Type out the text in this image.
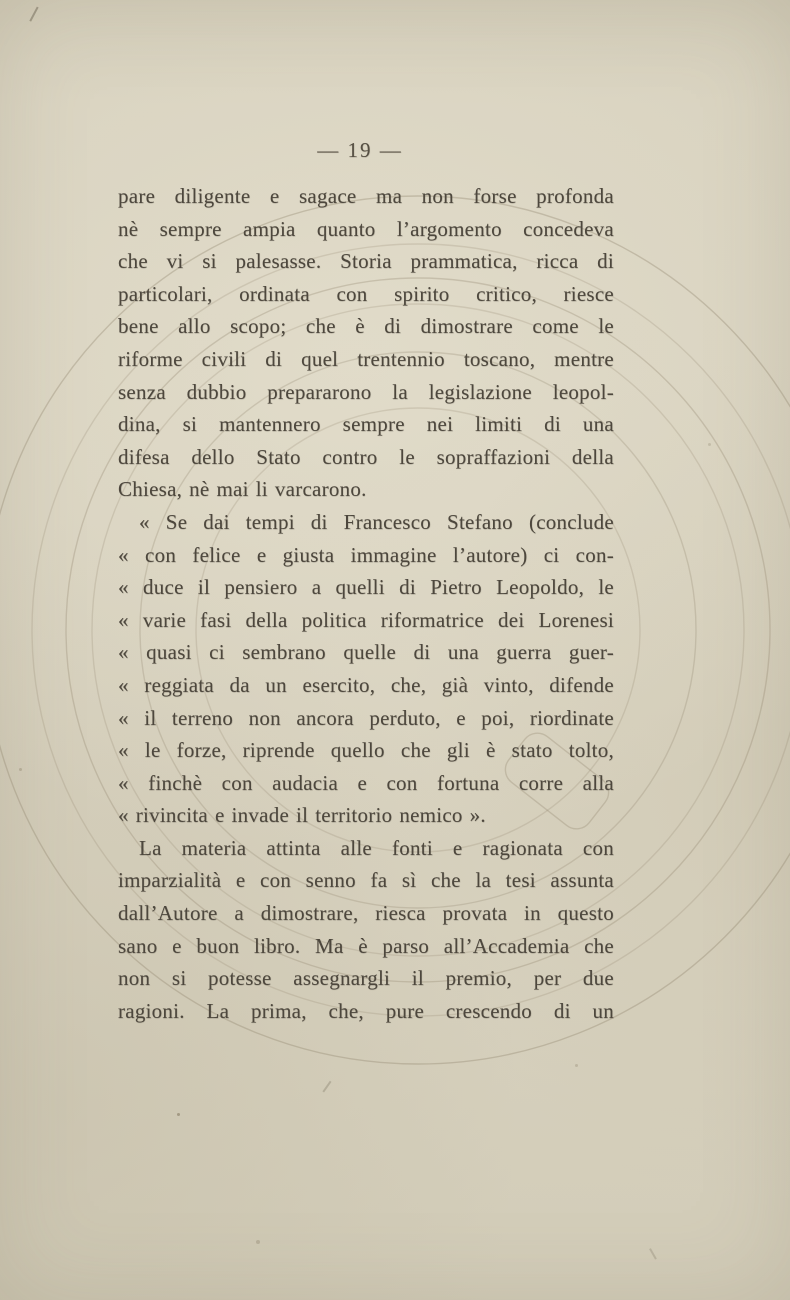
— 19 —
pare diligente e sagace ma non forse profonda
nè sempre ampia quanto l’argomento concedeva
che vi si palesasse. Storia prammatica, ricca di
particolari, ordinata con spirito critico, riesce
bene allo scopo; che è di dimostrare come le
riforme civili di quel trentennio toscano, mentre
senza dubbio prepararono la legislazione leopol-
dina, si mantennero sempre nei limiti di una
difesa dello Stato contro le sopraffazioni della
Chiesa, nè mai li varcarono.
« Se dai tempi di Francesco Stefano (conclude
« con felice e giusta immagine l’autore) ci con-
« duce il pensiero a quelli di Pietro Leopoldo, le
« varie fasi della politica riformatrice dei Lorenesi
« quasi ci sembrano quelle di una guerra guer-
« reggiata da un esercito, che, già vinto, difende
« il terreno non ancora perduto, e poi, riordinate
« le forze, riprende quello che gli è stato tolto,
« finchè con audacia e con fortuna corre alla
« rivincita e invade il territorio nemico ».
La materia attinta alle fonti e ragionata con
imparzialità e con senno fa sì che la tesi assunta
dall’Autore a dimostrare, riesca provata in questo
sano e buon libro. Ma è parso all’Accademia che
non si potesse assegnargli il premio, per due
ragioni. La prima, che, pure crescendo di un
